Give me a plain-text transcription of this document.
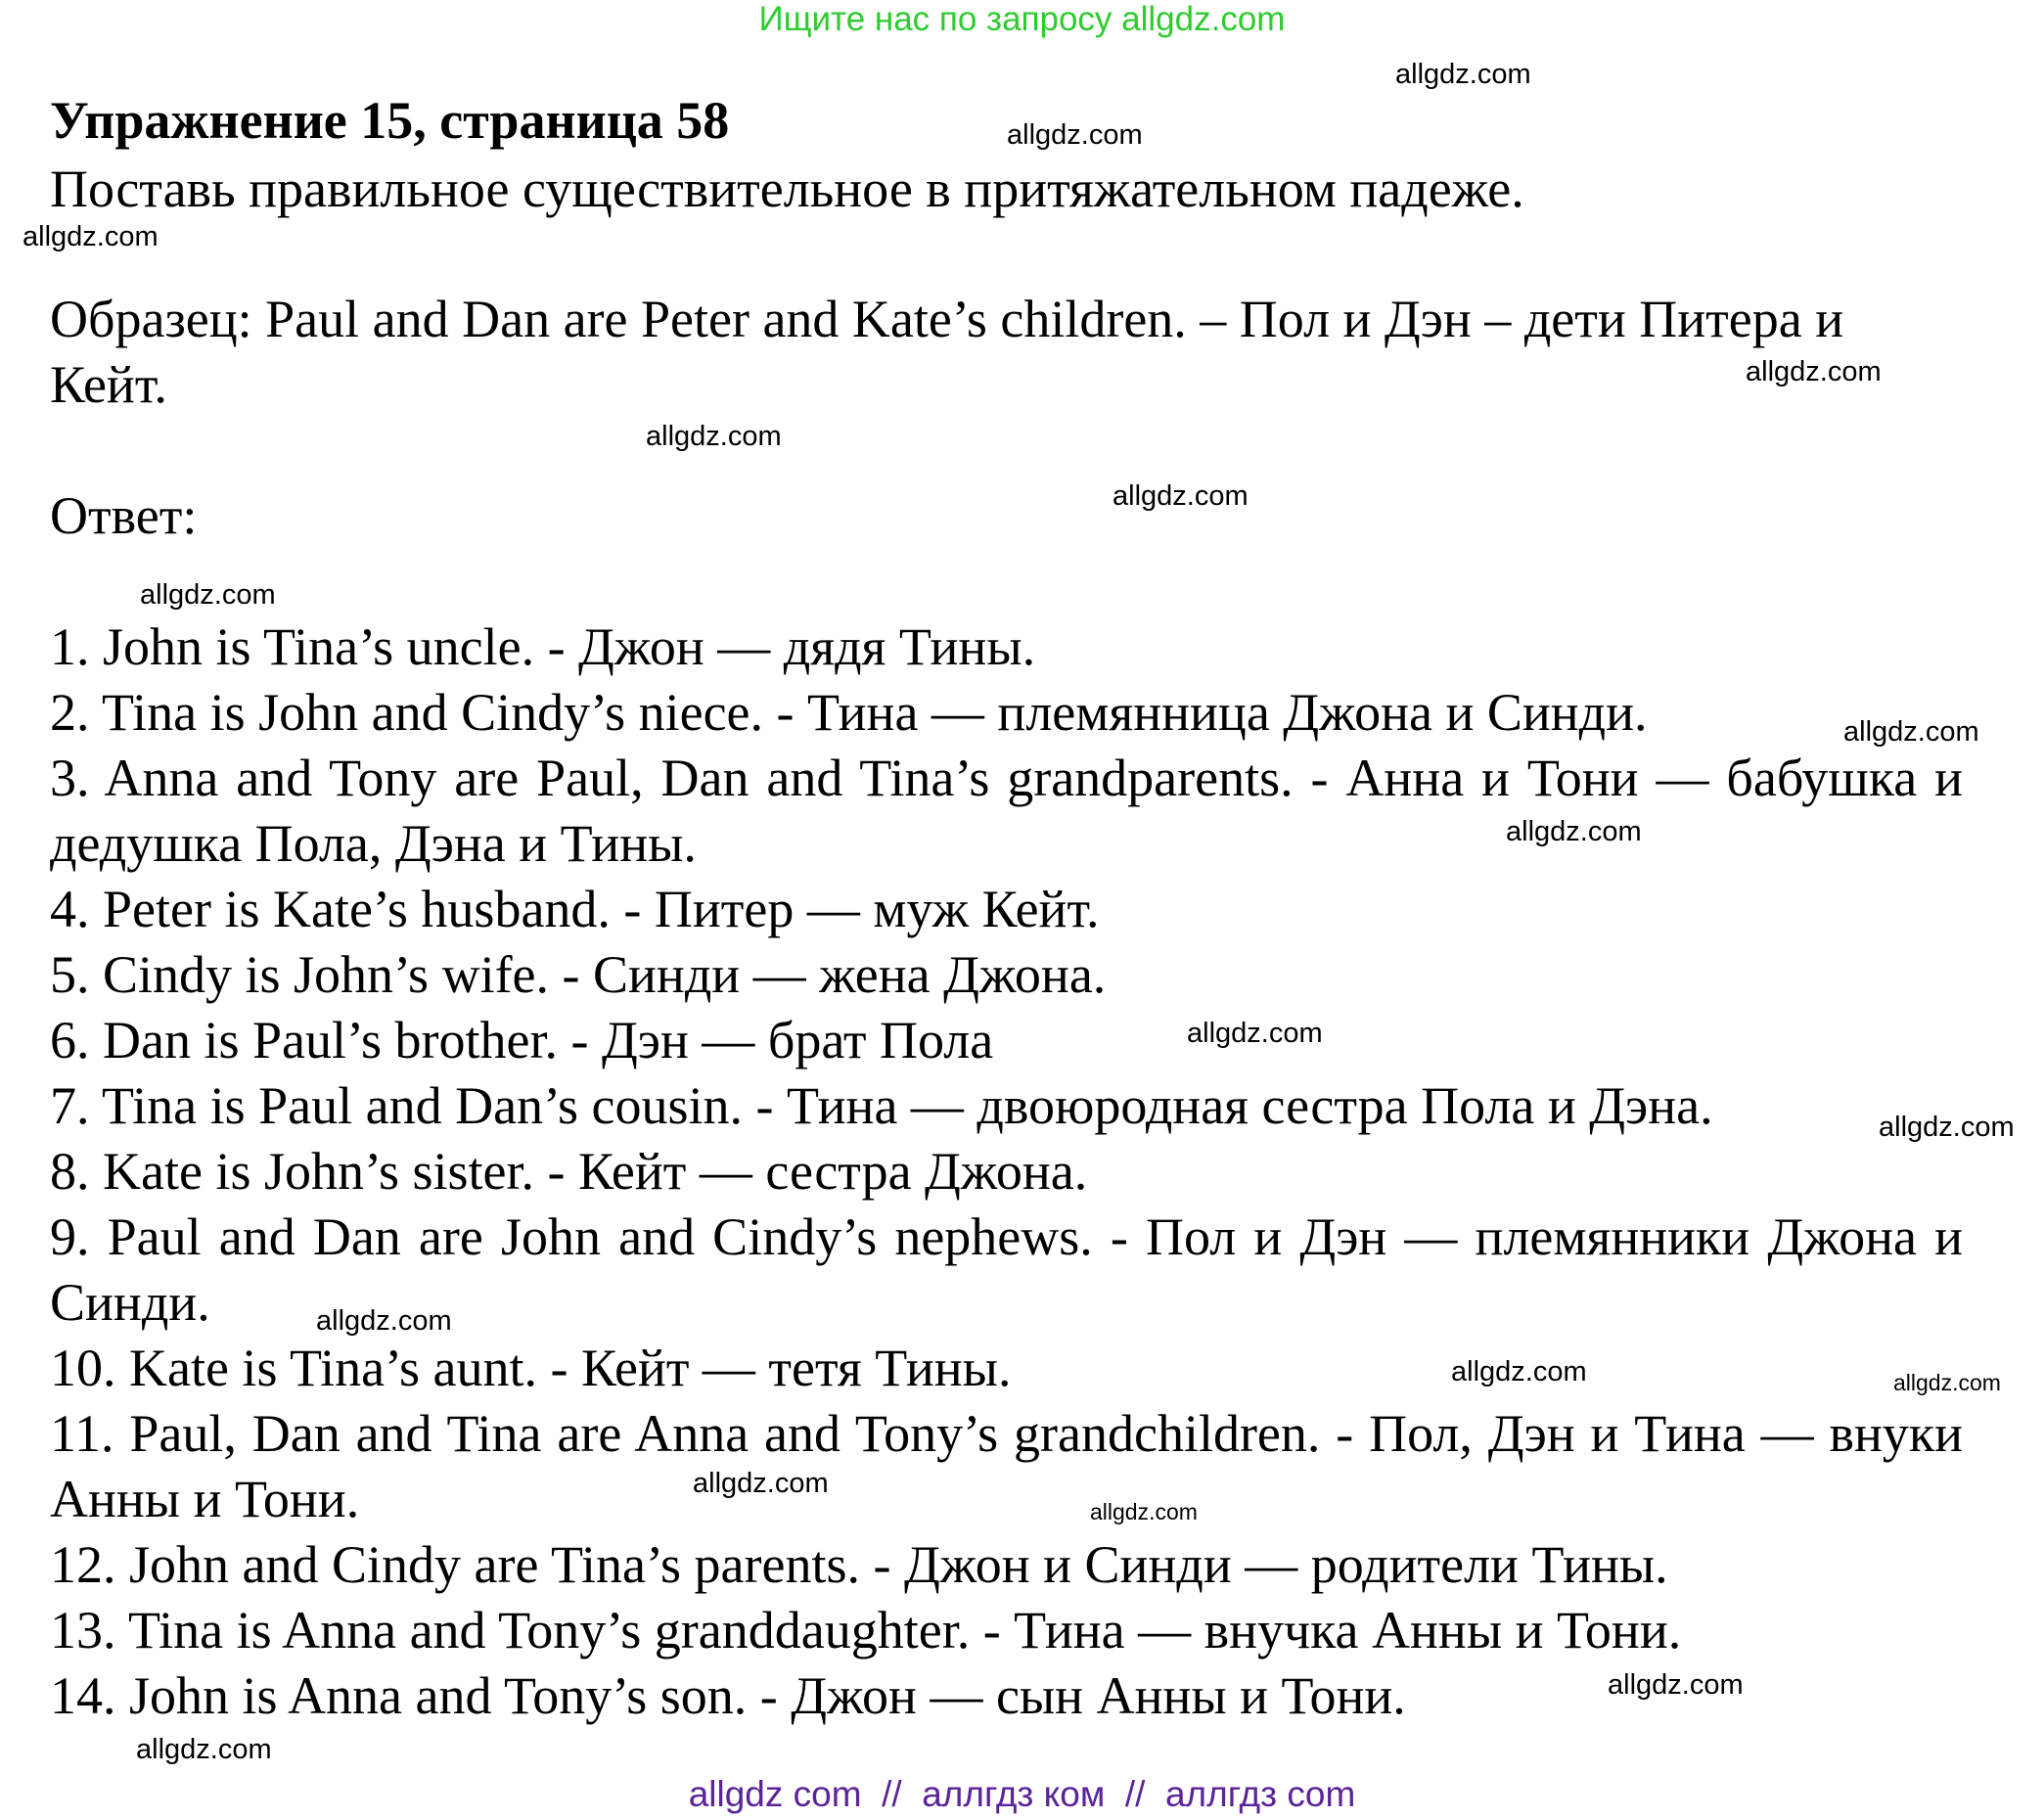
Ищите нас по запросу allgdz.com
Упражнение 15, страница 58
Поставь правильное существительное в притяжательном падеже.
Образец: Paul and Dan are Peter and Kate’s children. – Пол и Дэн – дети Питера и Кейт.
Ответ:
1. John is Tina’s uncle. - Джон — дядя Тины.
2. Tina is John and Cindy’s niece. - Тина — племянница Джона и Синди.
3. Anna and Tony are Paul, Dan and Tina’s grandparents. - Анна и Тони — бабушка и дедушка Пола, Дэна и Тины.
4. Peter is Kate’s husband. - Питер — муж Кейт.
5. Cindy is John’s wife. - Синди — жена Джона.
6. Dan is Paul’s brother. - Дэн — брат Пола
7. Tina is Paul and Dan’s cousin. - Тина — двоюродная сестра Пола и Дэна.
8. Kate is John’s sister. - Кейт — сестра Джона.
9. Paul and Dan are John and Cindy’s nephews. - Пол и Дэн — племянники Джона и Синди.
10. Kate is Tina’s aunt. - Кейт — тетя Тины.
11. Paul, Dan and Tina are Anna and Tony’s grandchildren. - Пол, Дэн и Тина — внуки Анны и Тони.
12. John and Cindy are Tina’s parents. - Джон и Синди — родители Тины.
13. Tina is Anna and Tony’s granddaughter. - Тина — внучка Анны и Тони.
14. John is Anna and Tony’s son. - Джон — сын Анны и Тони.
allgdz.com
allgdz.com
allgdz.com
allgdz.com
allgdz.com
allgdz.com
allgdz.com
allgdz.com
allgdz.com
allgdz.com
allgdz.com
allgdz.com
allgdz.com	allgdz.com
allgdz.com
allgdz.com
allgdz.com
allgdz.com
allgdz com  //  аллгдз ком  //  аллгдз com
